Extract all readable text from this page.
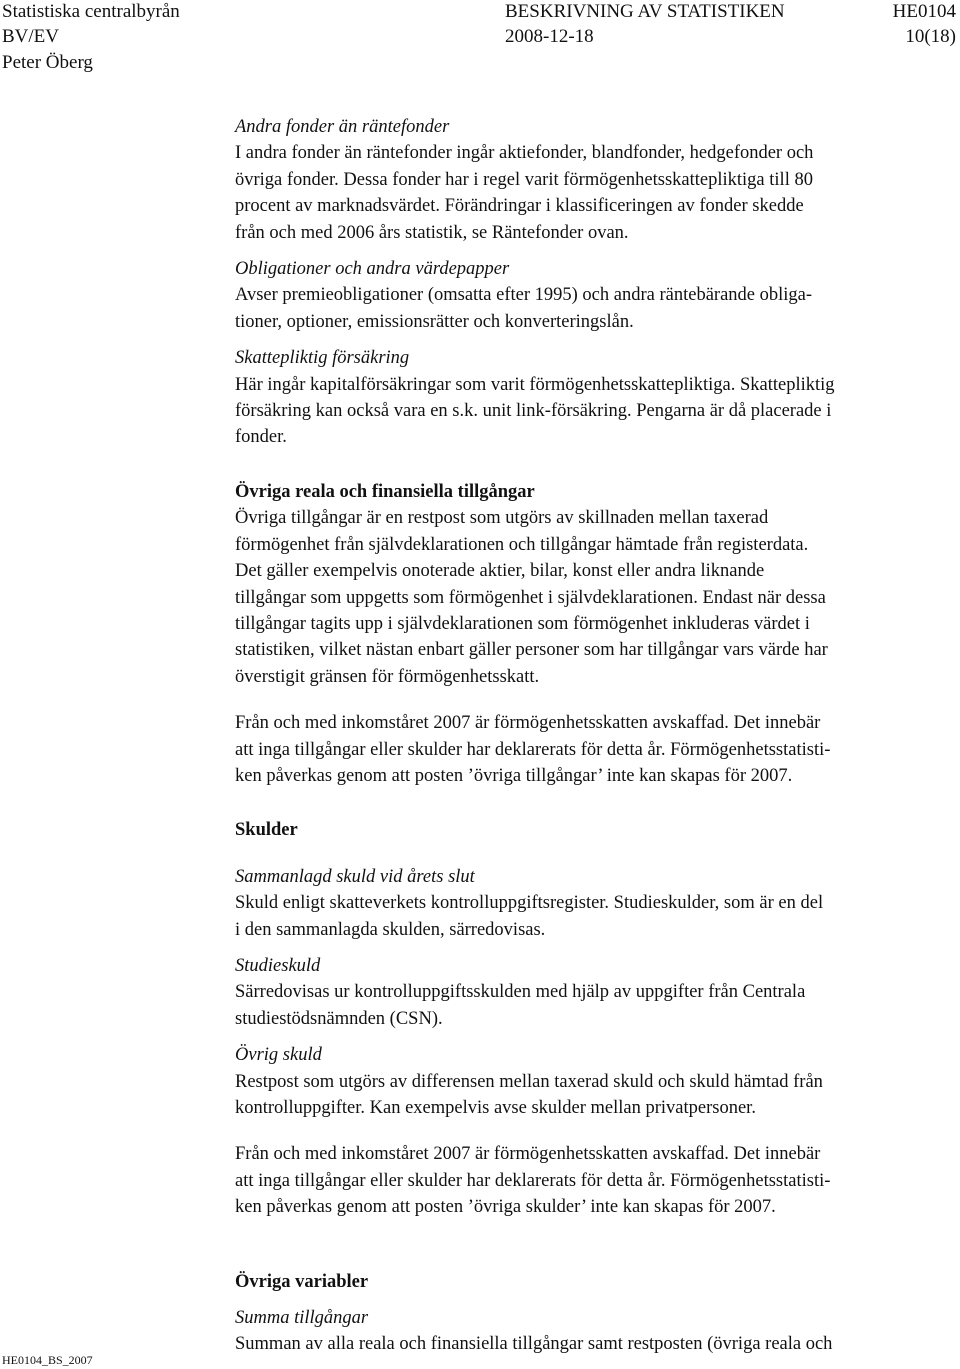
Statistiska centralbyrån
BV/EV
Peter Öberg
BESKRIVNING AV STATISTIKEN
2008-12-18
HE0104
10(18)

Andra fonder än räntefonder

I andra fonder än räntefonder ingår aktiefonder, blandfonder, hedgefonder och

övriga fonder. Dessa fonder har i regel varit förmögenhetsskattepliktiga till 80

procent av marknadsvärdet. Förändringar i klassificeringen av fonder skedde

från och med 2006 års statistik, se Räntefonder ovan.

Obligationer och andra värdepapper

Avser premieobligationer (omsatta efter 1995) och andra räntebärande obliga-

tioner, optioner, emissionsrätter och konverteringslån.

Skattepliktig försäkring

Här ingår kapitalförsäkringar som varit förmögenhetsskattepliktiga. Skattepliktig

försäkring kan också vara en s.k. unit link-försäkring. Pengarna är då placerade i

fonder.

Övriga reala och finansiella tillgångar

Övriga tillgångar är en restpost som utgörs av skillnaden mellan taxerad

förmögenhet från självdeklarationen och tillgångar hämtade från registerdata.

Det gäller exempelvis onoterade aktier, bilar, konst eller andra liknande

tillgångar som uppgetts som förmögenhet i självdeklarationen. Endast när dessa

tillgångar tagits upp i självdeklarationen som förmögenhet inkluderas värdet i

statistiken, vilket nästan enbart gäller personer som har tillgångar vars värde har

överstigit gränsen för förmögenhetsskatt.

Från och med inkomståret 2007 är förmögenhetsskatten avskaffad. Det innebär

att inga tillgångar eller skulder har deklarerats för detta år. Förmögenhetsstatisti-

ken påverkas genom att posten ’övriga tillgångar’ inte kan skapas för 2007.

Skulder

Sammanlagd skuld vid årets slut

Skuld enligt skatteverkets kontrolluppgiftsregister. Studieskulder, som är en del

i den sammanlagda skulden, särredovisas.

Studieskuld

Särredovisas ur kontrolluppgiftsskulden med hjälp av uppgifter från Centrala

studiestödsnämnden (CSN).

Övrig skuld

Restpost som utgörs av differensen mellan taxerad skuld och skuld hämtad från

kontrolluppgifter. Kan exempelvis avse skulder mellan privatpersoner.

Från och med inkomståret 2007 är förmögenhetsskatten avskaffad. Det innebär

att inga tillgångar eller skulder har deklarerats för detta år. Förmögenhetsstatisti-

ken påverkas genom att posten ’övriga skulder’ inte kan skapas för 2007.

Övriga variabler

Summa tillgångar

Summan av alla reala och finansiella tillgångar samt restposten (övriga reala och

HE0104_BS_2007
